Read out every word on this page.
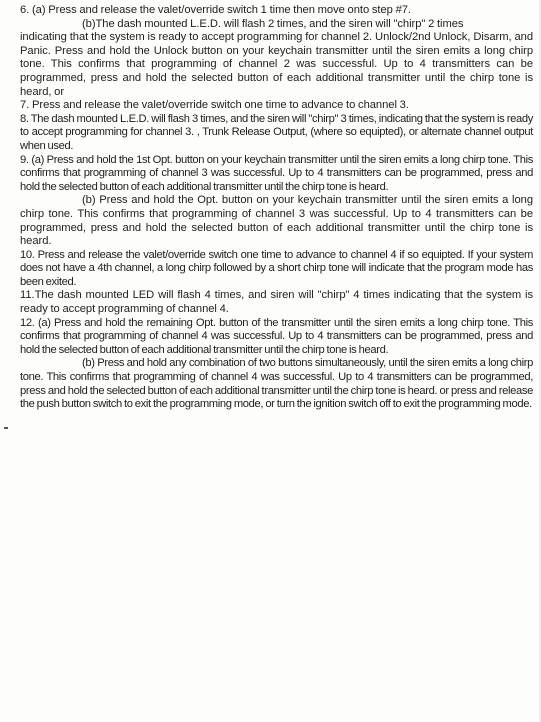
6. (a) Press and release the valet/override switch 1 time then move onto step #7.

(b)The dash mounted L.E.D. will flash 2 times, and the siren will "chirp" 2 times

indicating that the system is ready to accept programming for channel 2. Unlock/2nd Unlock, Disarm, and Panic. Press and hold the Unlock button on your keychain transmitter until the siren emits a long chirp tone. This confirms that programming of channel 2 was successful. Up to 4 transmitters can be programmed, press and hold the selected button of each additional transmitter until the chirp tone is heard, or

7. Press and release the valet/override switch one time to advance to channel 3.

8. The dash mounted L.E.D. will flash 3 times, and the siren will "chirp" 3 times, indicating that the system is ready to accept programming for channel 3. , Trunk Release Output, (where so equipted), or alternate channel output when used.

9. (a) Press and hold the 1st Opt. button on your keychain transmitter until the siren emits a long chirp tone. This confirms that programming of channel 3 was successful. Up to 4 transmitters can be programmed, press and hold the selected button of each additional transmitter until the chirp tone is heard.

(b) Press and hold the Opt. button on your keychain transmitter until the siren emits a long chirp tone. This confirms that programming of channel 3 was successful. Up to 4 transmitters can be programmed, press and hold the selected button of each additional transmitter until the chirp tone is heard.

10. Press and release the valet/override switch one time to advance to channel 4 if so equipted. If your system does not have a 4th channel, a long chirp followed by a short chirp tone will indicate that the program mode has been exited.

11.The dash mounted LED will flash 4 times, and siren will "chirp" 4 times indicating that the system is ready to accept programming of channel 4.

12. (a) Press and hold the remaining Opt. button of the transmitter until the siren emits a long chirp tone. This confirms that programming of channel 4 was successful. Up to 4 transmitters can be programmed, press and hold the selected button of each additional transmitter until the chirp tone is heard.

(b) Press and hold any combination of two buttons simultaneously, until the siren emits a long chirp tone. This confirms that programming of channel 4 was successful. Up to 4 transmitters can be programmed, press and hold the selected button of each additional transmitter until the chirp tone is heard. or press and release the push button switch to exit the programming mode, or turn the ignition switch off to exit the programming mode.
